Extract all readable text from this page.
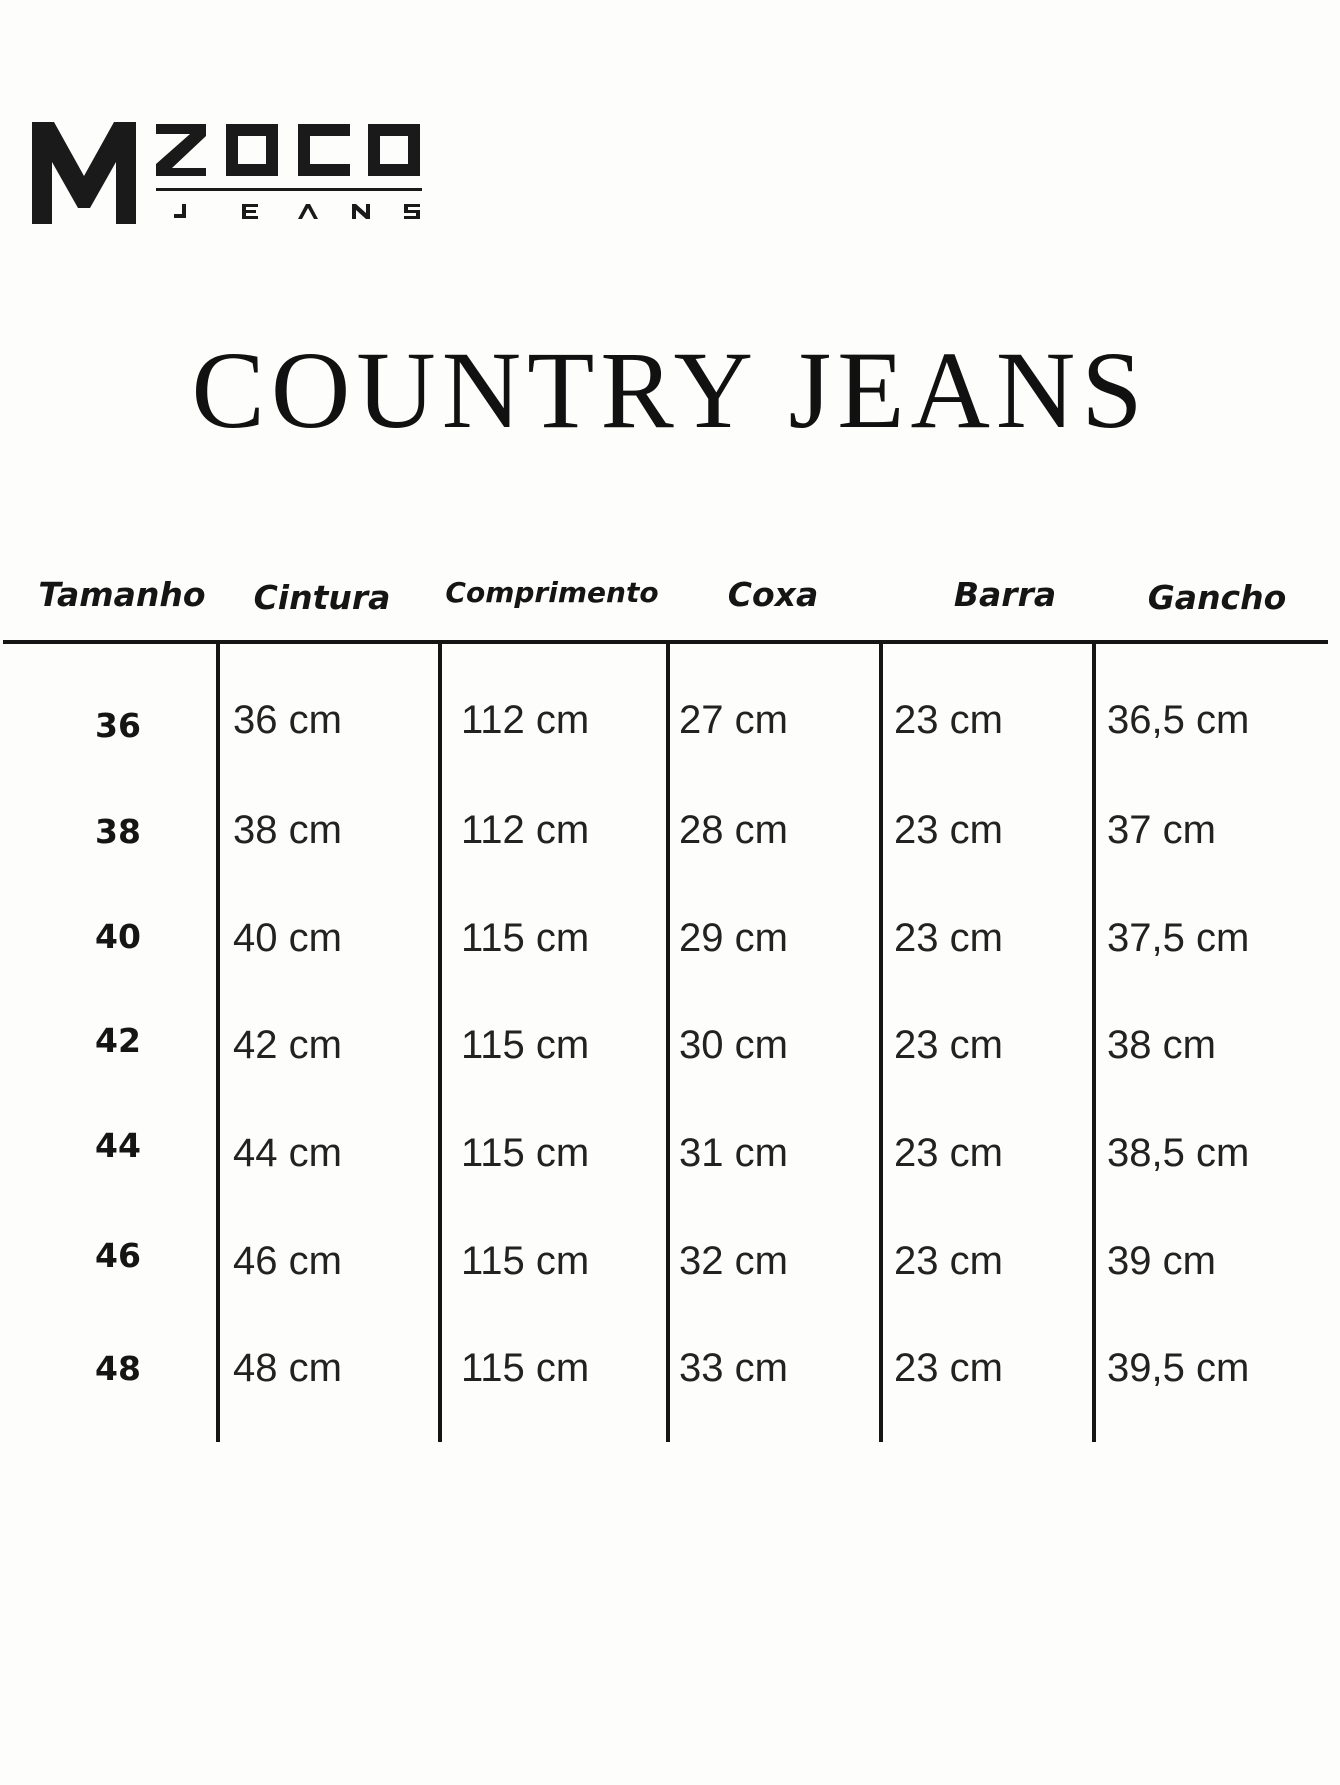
COUNTRY JEANS
Tamanho Cintura Comprimento Coxa	Barra	Gancho
36	36 cm	112 cm 27 cm	23 cm	36,5 cm
38	38 cm	112 cm 28 cm	23 cm	37 cm
40	40 cm	115 cm 29 cm	23 cm	37,5 cm
42	42 cm	115 cm 30 cm	23 cm	38 cm
44	44 cm	115 cm 31 cm	23 cm	38,5 cm
46	46 cm	115 cm 32 cm	23 cm	39 cm
48	48 cm	115 cm 33 cm	23 cm	39,5 cm
